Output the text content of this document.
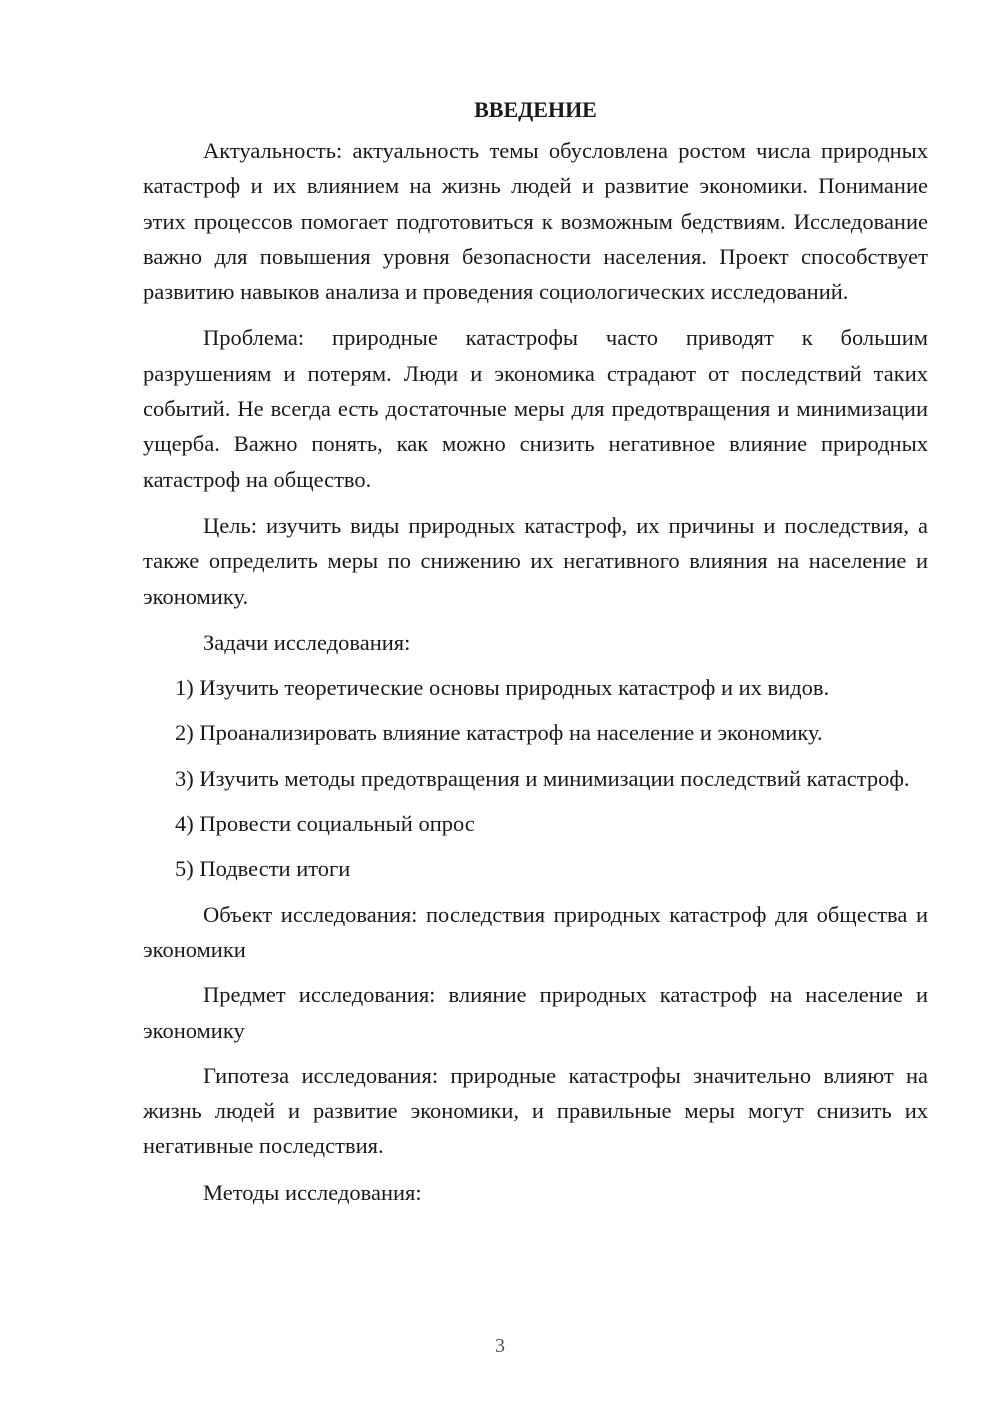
ВВЕДЕНИЕ

Актуальность: актуальность темы обусловлена ростом числа природных катастроф и их влиянием на жизнь людей и развитие экономики. Понимание этих процессов помогает подготовиться к возможным бедствиям. Исследование важно для повышения уровня безопасности населения. Проект способствует развитию навыков анализа и проведения социологических исследований.

Проблема: природные катастрофы часто приводят к большим разрушениям и потерям. Люди и экономика страдают от последствий таких событий. Не всегда есть достаточные меры для предотвращения и минимизации ущерба. Важно понять, как можно снизить негативное влияние природных катастроф на общество.

Цель: изучить виды природных катастроф, их причины и последствия, а также определить меры по снижению их негативного влияния на население и экономику.

Задачи исследования:

1) Изучить теоретические основы природных катастроф и их видов.

2) Проанализировать влияние катастроф на население и экономику.

3) Изучить методы предотвращения и минимизации последствий катастроф.

4) Провести социальный опрос

5) Подвести итоги

Объект исследования: последствия природных катастроф для общества и экономики

Предмет исследования: влияние природных катастроф на население и экономику

Гипотеза исследования: природные катастрофы значительно влияют на жизнь людей и развитие экономики, и правильные меры могут снизить их негативные последствия.

Методы исследования:

3
